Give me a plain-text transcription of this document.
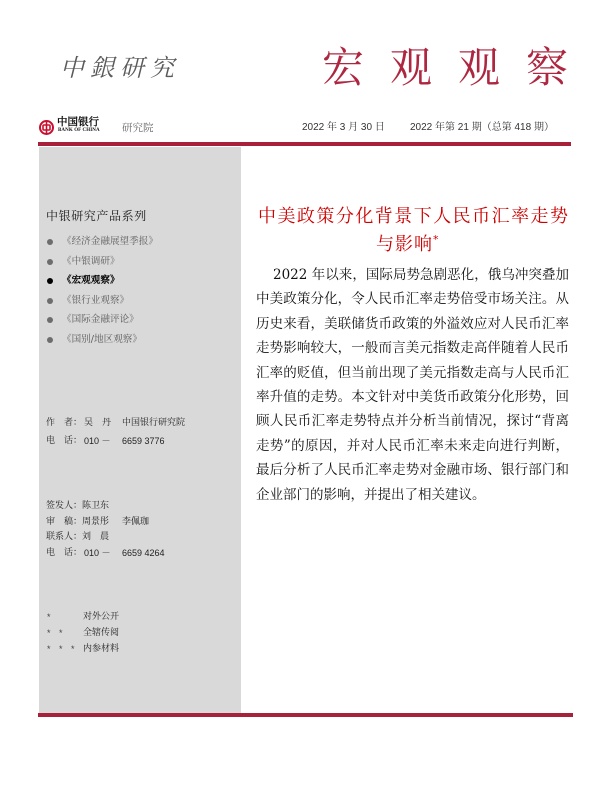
中銀研究	宏观观察
中国银行
BANK OF CHINA 研究院	2022 年 3 月 30 日	2022 年第 21 期（总第 418 期）
中银研究产品系列
《经济金融展望季报》
《中银调研》
《宏观观察》
《银行业观察》
《国际金融评论》
《国别/地区观察》
作　者： 吴　丹 中国银行研究院
电　话： 010 － 6659 3776
签发人： 陈卫东
审　稿： 周景彤 李佩珈
联系人： 刘　晨
电　话： 010 － 6659 4264
*	对外公开
* * 全辖传阅
* * * 内参材料
中美政策分化背景下人民币汇率走势
与影响*
2022 年以来，国际局势急剧恶化，俄乌冲突叠加
中美政策分化，令人民币汇率走势倍受市场关注。从
历史来看，美联储货币政策的外溢效应对人民币汇率
走势影响较大，一般而言美元指数走高伴随着人民币
汇率的贬值，但当前出现了美元指数走高与人民币汇
率升值的走势。本文针对中美货币政策分化形势，回
顾人民币汇率走势特点并分析当前情况，探讨“背离
走势”的原因，并对人民币汇率未来走向进行判断，
最后分析了人民币汇率走势对金融市场、银行部门和
企业部门的影响，并提出了相关建议。
